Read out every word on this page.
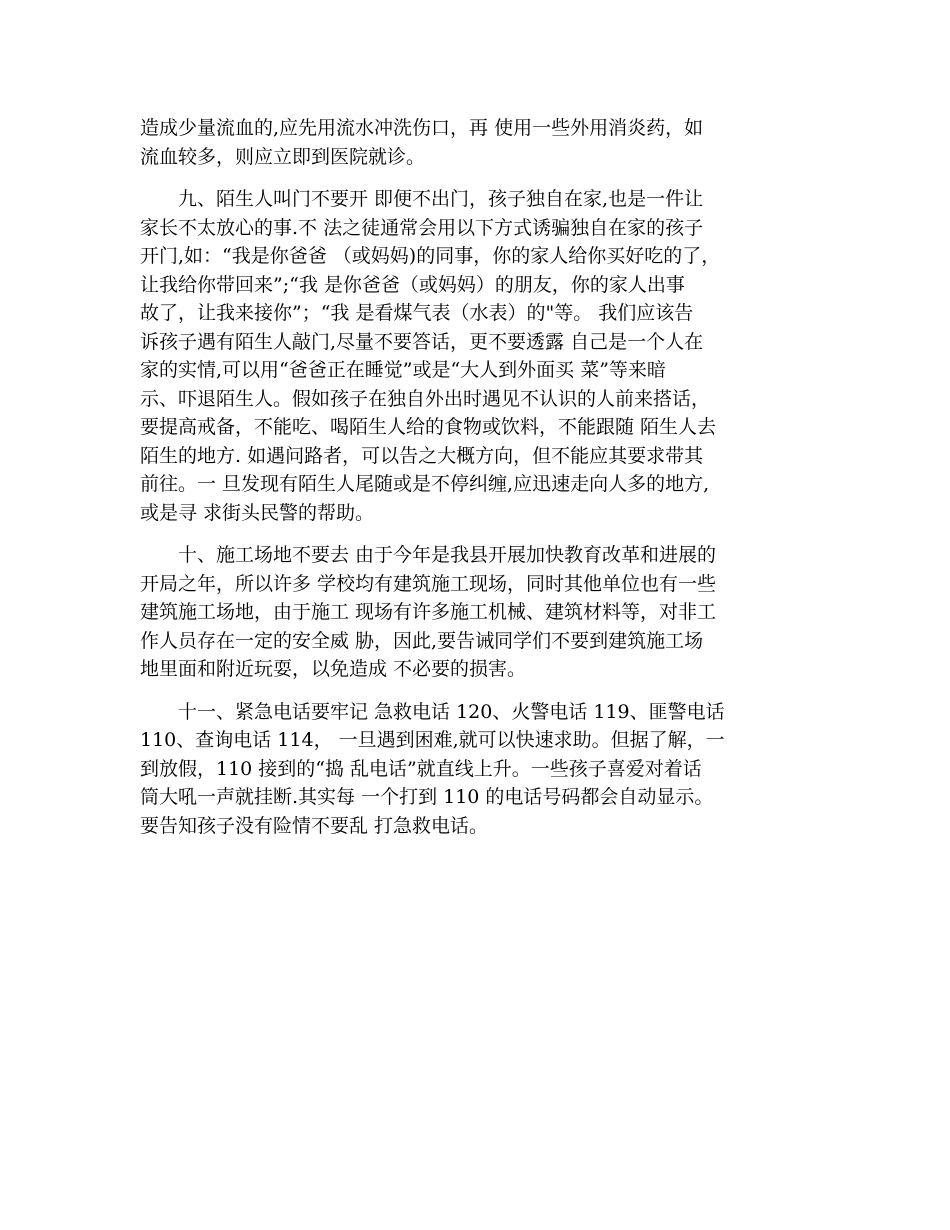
造成少量流血的,应先用流水冲洗伤口，再 使用一些外用消炎药，如
流血较多，则应立即到医院就诊。

　　九、陌生人叫门不要开 即便不出门，孩子独自在家,也是一件让
家长不太放心的事.不 法之徒通常会用以下方式诱骗独自在家的孩子
开门,如：“我是你爸爸 （或妈妈)的同事，你的家人给你买好吃的了，
让我给你带回来”;“我 是你爸爸（或妈妈）的朋友，你的家人出事
故了，让我来接你”；“我 是看煤气表（水表）的"等。 我们应该告
诉孩子遇有陌生人敲门,尽量不要答话，更不要透露 自己是一个人在
家的实情,可以用“爸爸正在睡觉”或是“大人到外面买 菜”等来暗
示、吓退陌生人。假如孩子在独自外出时遇见不认识的人前来搭话，
要提高戒备，不能吃、喝陌生人给的食物或饮料，不能跟随 陌生人去
陌生的地方. 如遇问路者，可以告之大概方向，但不能应其要求带其
前往。一 旦发现有陌生人尾随或是不停纠缠,应迅速走向人多的地方,
或是寻 求街头民警的帮助。

　　十、施工场地不要去 由于今年是我县开展加快教育改革和进展的
开局之年，所以许多 学校均有建筑施工现场，同时其他单位也有一些
建筑施工场地，由于施工 现场有许多施工机械、建筑材料等，对非工
作人员存在一定的安全威 胁，因此,要告诫同学们不要到建筑施工场
地里面和附近玩耍，以免造成 不必要的损害。

　　十一、紧急电话要牢记 急救电话 120、火警电话 119、匪警电话
110、查询电话 114， 一旦遇到困难,就可以快速求助。但据了解，一
到放假，110 接到的“捣 乱电话”就直线上升。一些孩子喜爱对着话
筒大吼一声就挂断.其实每 一个打到 110 的电话号码都会自动显示。
要告知孩子没有险情不要乱 打急救电话。
